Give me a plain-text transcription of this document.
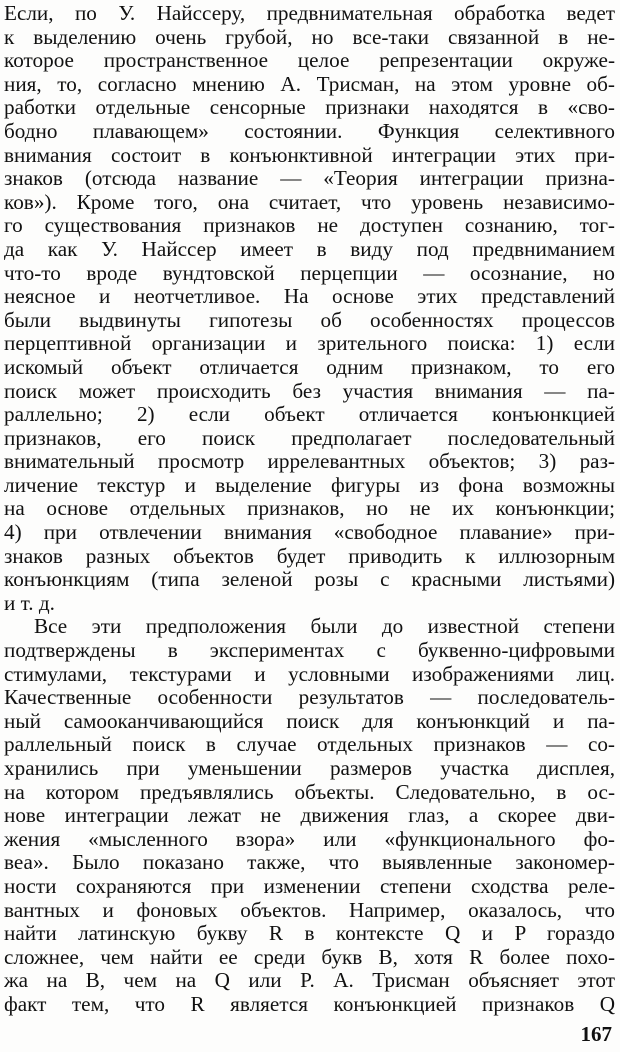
Если, по У. Найссеру, предвнимательная обработка ведет
к выделению очень грубой, но все-таки связанной в не-
которое пространственное целое репрезентации окруже-
ния, то, согласно мнению А. Трисман, на этом уровне об-
работки отдельные сенсорные признаки находятся в «сво-
бодно плавающем» состоянии. Функция селективного
внимания состоит в конъюнктивной интеграции этих при-
знаков (отсюда название — «Теория интеграции призна-
ков»). Кроме того, она считает, что уровень независимо-
го существования признаков не доступен сознанию, тог-
да как У. Найссер имеет в виду под предвниманием
что-то вроде вундтовской перцепции — осознание, но
неясное и неотчетливое. На основе этих представлений
были выдвинуты гипотезы об особенностях процессов
перцептивной организации и зрительного поиска: 1) если
искомый объект отличается одним признаком, то его
поиск может происходить без участия внимания — па-
раллельно; 2) если объект отличается конъюнкцией
признаков, его поиск предполагает последовательный
внимательный просмотр иррелевантных объектов; 3) раз-
личение текстур и выделение фигуры из фона возможны
на основе отдельных признаков, но не их конъюнкции;
4) при отвлечении внимания «свободное плавание» при-
знаков разных объектов будет приводить к иллюзорным
конъюнкциям (типа зеленой розы с красными листьями)
и т. д.
Все эти предположения были до известной степени
подтверждены в экспериментах с буквенно-цифровыми
стимулами, текстурами и условными изображениями лиц.
Качественные особенности результатов — последователь-
ный самооканчивающийся поиск для конъюнкций и па-
раллельный поиск в случае отдельных признаков — со-
хранились при уменьшении размеров участка дисплея,
на котором предъявлялись объекты. Следовательно, в ос-
нове интеграции лежат не движения глаз, а скорее дви-
жения «мысленного взора» или «функционального фо-
веа». Было показано также, что выявленные закономер-
ности сохраняются при изменении степени сходства реле-
вантных и фоновых объектов. Например, оказалось, что
найти латинскую букву R в контексте Q и P гораздо
сложнее, чем найти ее среди букв B, хотя R более похо-
жа на B, чем на Q или P. А. Трисман объясняет этот
факт тем, что R является конъюнкцией признаков Q
167
